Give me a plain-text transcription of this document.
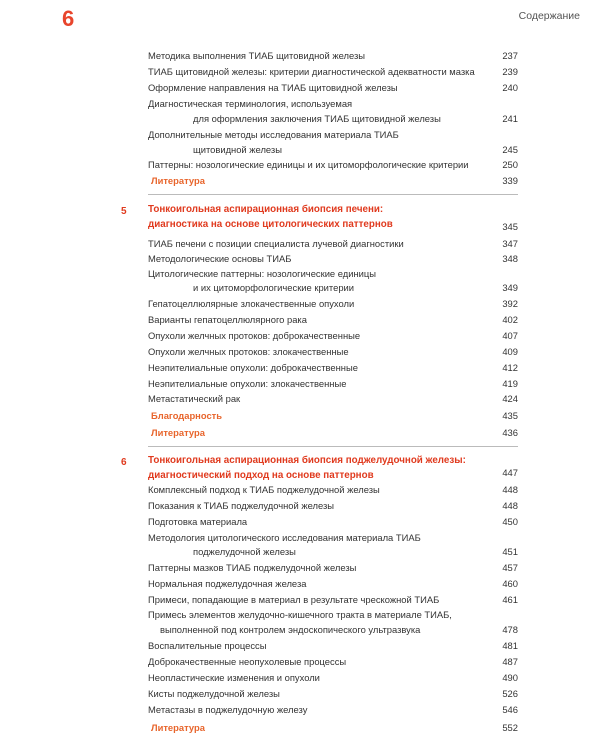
6	Содержание
Методика выполнения ТИАБ щитовидной железы	237
ТИАБ щитовидной железы: критерии диагностической адекватности мазка	239
Оформление направления на ТИАБ щитовидной железы	240
Диагностическая терминология, используемая
для оформления заключения ТИАБ щитовидной железы	241
Дополнительные методы исследования материала ТИАБ
щитовидной железы	245
Паттерны: нозологические единицы и их цитоморфологические критерии	250
Литература	339
5	Тонкоигольная аспирационная биопсия печени:
диагностика на основе цитологических паттернов	345
ТИАБ печени с позиции специалиста лучевой диагностики	347
Методологические основы ТИАБ	348
Цитологические паттерны: нозологические единицы
и их цитоморфологические критерии	349
Гепатоцеллюлярные злокачественные опухоли	392
Варианты гепатоцеллюлярного рака	402
Опухоли желчных протоков: доброкачественные	407
Опухоли желчных протоков: злокачественные	409
Неэпителиальные опухоли: доброкачественные	412
Неэпителиальные опухоли: злокачественные	419
Метастатический рак	424
Благодарность	435
Литература	436
6	Тонкоигольная аспирационная биопсия поджелудочной железы:
диагностический подход на основе паттернов	447
Комплексный подход к ТИАБ поджелудочной железы	448
Показания к ТИАБ поджелудочной железы	448
Подготовка материала	450
Методология цитологического исследования материала ТИАБ
поджелудочной железы	451
Паттерны мазков ТИАБ поджелудочной железы	457
Нормальная поджелудочная железа	460
Примеси, попадающие в материал в результате чрескожной ТИАБ	461
Примесь элементов желудочно-кишечного тракта в материале ТИАБ,
выполненной под контролем эндоскопического ультразвука	478
Воспалительные процессы	481
Доброкачественные неопухолевые процессы	487
Неопластические изменения и опухоли	490
Кисты поджелудочной железы	526
Метастазы в поджелудочную железу	546
Литература	552
